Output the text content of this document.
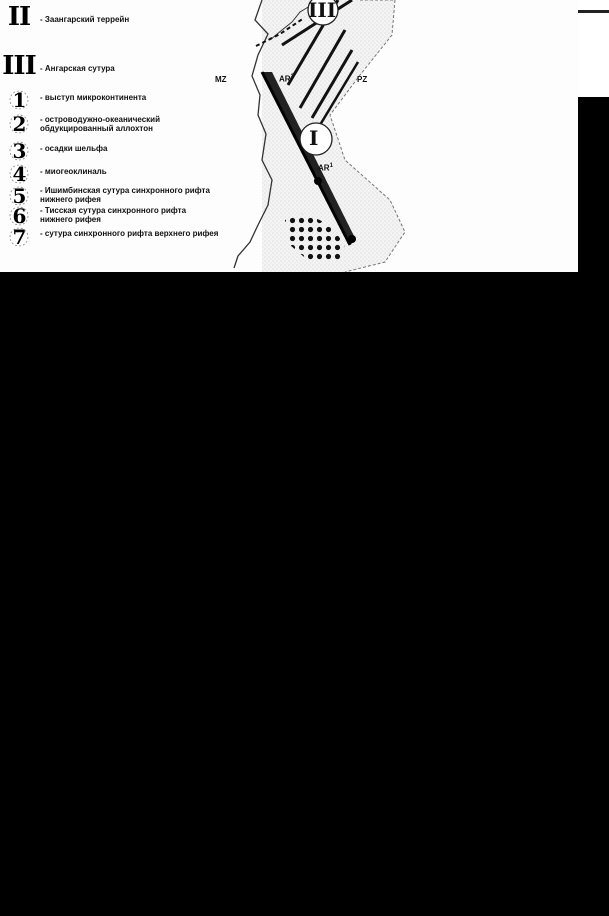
II	- Заангарский террейн
III - Ангарская сутура
1	- выступ микроконтинента
2	- островодужно-океанический
обдукцированный аллохтон
3	- осадки шельфа
4	- миогеоклиналь
5	- Ишимбинская сутура синхронного рифта
нижнего рифея
6	- Тисская сутура синхронного рифта
нижнего рифея
7	- сутура синхронного рифта верхнего рифея
III
I
MZ	$AR^2$	PZ
$AR^1$
